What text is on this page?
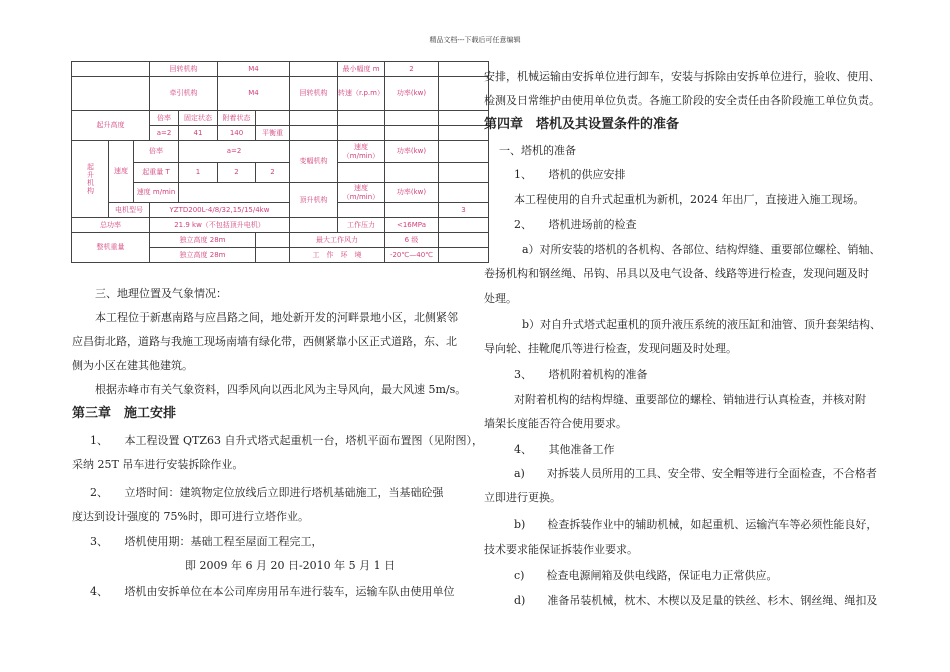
精品文档---下载后可任意编辑
			回转机构		M4			最小幅度 m	2	
			牵引机构		M4		回转机构	转速（r.p.m）	功率(kw)	
起升高度			倍率	固定状态	附着状态					
			a=2	41	140	平衡重				
起升机构	速度	倍率		a=2			变幅机构	速度（m/min）	功率(kw)	
		起重量 T		1	2	2				
		速度 m/min					顶升机构	速度（m/min）	功率(kw)	
	电机型号		YZTD200L-4/8/32,15/15/4kw							3
总功率			21.9 kw（不包括顶升电机）					工作压力	<16MPa	
整机重量			独立高度 28m				最大工作风力		6 级	
			独立高度 28m				工　作　环　境		-20℃—40℃	
三、地理位置及气象情况：
本工程位于新惠南路与应昌路之间，地处新开发的河畔景地小区，北侧紧邻
应昌街北路，道路与我施工现场南墙有绿化带，西侧紧靠小区正式道路，东、北
侧为小区在建其他建筑。
根据赤峰市有关气象资料，四季风向以西北风为主导风向，最大风速 5m/s。
第三章　施工安排
1、　　本工程设置 QTZ63 自升式塔式起重机一台，塔机平面布置图（见附图），
采纳 25T 吊车进行安装拆除作业。
2、　　立塔时间：建筑物定位放线后立即进行塔机基础施工，当基础砼强
度达到设计强度的 75%时，即可进行立塔作业。
3、　　塔机使用期：基础工程至屋面工程完工，
即 2009 年 6 月 20 日-2010 年 5 月 1 日
4、　　塔机由安拆单位在本公司库房用吊车进行装车，运输车队由使用单位
安排，机械运输由安拆单位进行卸车，安装与拆除由安拆单位进行，验收、使用、
检测及日常维护由使用单位负责。各施工阶段的安全责任由各阶段施工单位负责。
第四章　塔机及其设置条件的准备
一、塔机的准备
1、　　塔机的供应安排
本工程使用的自升式起重机为新机，2024 年出厂，直接进入施工现场。
2、　　塔机进场前的检查
a）对所安装的塔机的各机构、各部位、结构焊缝、重要部位螺栓、销轴、
卷扬机构和钢丝绳、吊钩、吊具以及电气设备、线路等进行检查，发现问题及时
处理。
b）对自升式塔式起重机的顶升液压系统的液压缸和油管、顶升套架结构、
导向轮、挂靴爬爪等进行检查，发现问题及时处理。
3、　　塔机附着机构的准备
对附着机构的结构焊缝、重要部位的螺栓、销轴进行认真检查，并核对附
墙架长度能否符合使用要求。
4、　　其他准备工作
a)　　对拆装人员所用的工具、安全带、安全帽等进行全面检查，不合格者
立即进行更换。
b)　　检查拆装作业中的辅助机械，如起重机、运输汽车等必须性能良好，
技术要求能保证拆装作业要求。
c)　　检查电源闸箱及供电线路，保证电力正常供应。
d)　　准备吊装机械，枕木、木楔以及足量的铁丝、杉木、钢丝绳、绳扣及
